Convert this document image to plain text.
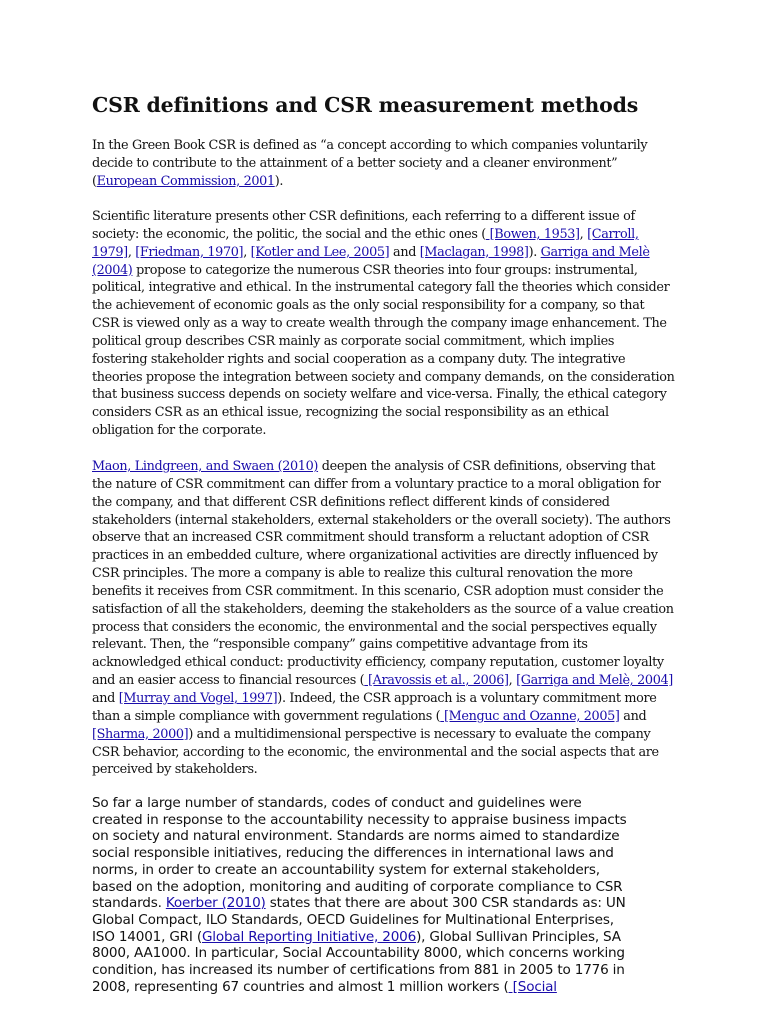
CSR definitions and CSR measurement methods
In the Green Book CSR is defined as “a concept according to which companies voluntarily
decide to contribute to the attainment of a better society and a cleaner environment”
(European Commission, 2001).
Scientific literature presents other CSR definitions, each referring to a different issue of
society: the economic, the politic, the social and the ethic ones ( [Bowen, 1953], [Carroll,
1979], [Friedman, 1970], [Kotler and Lee, 2005] and [Maclagan, 1998]). Garriga and Melè
(2004) propose to categorize the numerous CSR theories into four groups: instrumental,
political, integrative and ethical. In the instrumental category fall the theories which consider
the achievement of economic goals as the only social responsibility for a company, so that
CSR is viewed only as a way to create wealth through the company image enhancement. The
political group describes CSR mainly as corporate social commitment, which implies
fostering stakeholder rights and social cooperation as a company duty. The integrative
theories propose the integration between society and company demands, on the consideration
that business success depends on society welfare and vice-versa. Finally, the ethical category
considers CSR as an ethical issue, recognizing the social responsibility as an ethical
obligation for the corporate.
Maon, Lindgreen, and Swaen (2010) deepen the analysis of CSR definitions, observing that
the nature of CSR commitment can differ from a voluntary practice to a moral obligation for
the company, and that different CSR definitions reflect different kinds of considered
stakeholders (internal stakeholders, external stakeholders or the overall society). The authors
observe that an increased CSR commitment should transform a reluctant adoption of CSR
practices in an embedded culture, where organizational activities are directly influenced by
CSR principles. The more a company is able to realize this cultural renovation the more
benefits it receives from CSR commitment. In this scenario, CSR adoption must consider the
satisfaction of all the stakeholders, deeming the stakeholders as the source of a value creation
process that considers the economic, the environmental and the social perspectives equally
relevant. Then, the “responsible company” gains competitive advantage from its
acknowledged ethical conduct: productivity efficiency, company reputation, customer loyalty
and an easier access to financial resources ( [Aravossis et al., 2006], [Garriga and Melè, 2004]
and [Murray and Vogel, 1997]). Indeed, the CSR approach is a voluntary commitment more
than a simple compliance with government regulations ( [Menguc and Ozanne, 2005] and
[Sharma, 2000]) and a multidimensional perspective is necessary to evaluate the company
CSR behavior, according to the economic, the environmental and the social aspects that are
perceived by stakeholders.
So far a large number of standards, codes of conduct and guidelines were
created in response to the accountability necessity to appraise business impacts
on society and natural environment. Standards are norms aimed to standardize
social responsible initiatives, reducing the differences in international laws and
norms, in order to create an accountability system for external stakeholders,
based on the adoption, monitoring and auditing of corporate compliance to CSR
standards. Koerber (2010) states that there are about 300 CSR standards as: UN
Global Compact, ILO Standards, OECD Guidelines for Multinational Enterprises,
ISO 14001, GRI (Global Reporting Initiative, 2006), Global Sullivan Principles, SA
8000, AA1000. In particular, Social Accountability 8000, which concerns working
condition, has increased its number of certifications from 881 in 2005 to 1776 in
2008, representing 67 countries and almost 1 million workers ( [Social
